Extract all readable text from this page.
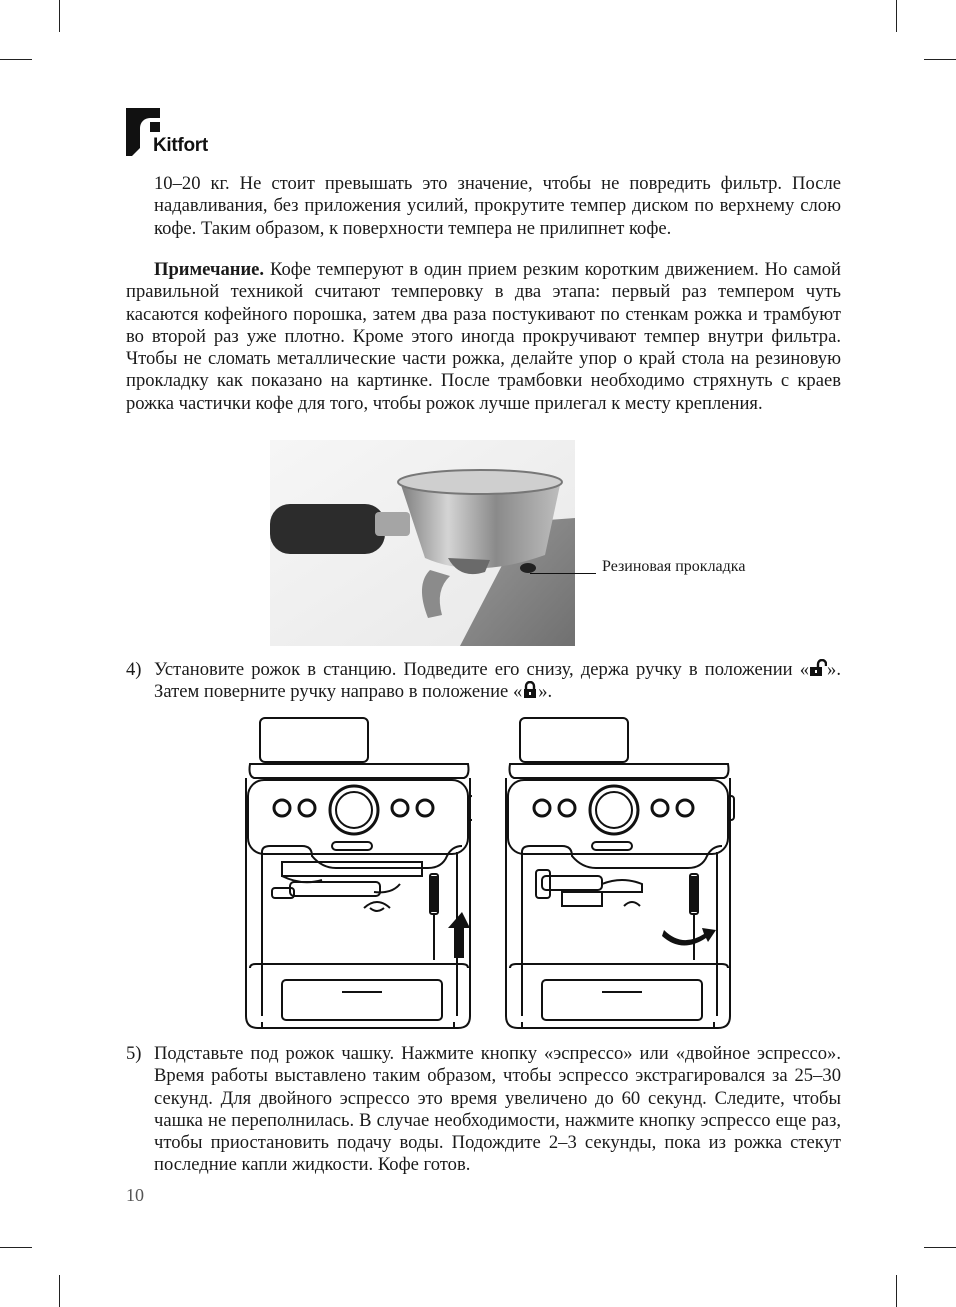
Kitfort

10–20 кг. Не стоит превышать это значение, чтобы не повредить фильтр. После надавливания, без приложения усилий, прокрутите темпер диском по верхнему слою кофе. Таким образом, к поверхности темпера не прилипнет кофе.

Примечание. Кофе темперуют в один прием резким коротким движением. Но самой правильной техникой считают темперовку в два этапа: первый раз темпером чуть касаются кофейного порошка, затем два раза постукивают по стенкам рожка и трамбуют во второй раз уже плотно. Кроме этого иногда прокручивают темпер внутри фильтра. Чтобы не сломать металлические части рожка, делайте упор о край стола на резиновую прокладку как показано на картинке. После трамбовки необходимо стряхнуть с краев рожка частички кофе для того, чтобы рожок лучше прилегал к месту крепления.

Резиновая прокладка
4) Установите рожок в станцию. Подведите его снизу, держа ручку в положении « ». Затем поверните ручку направо в положение « ».

5) Подставьте под рожок чашку. Нажмите кнопку «эспрессо» или «двойное эспрессо». Время работы выставлено таким образом, чтобы эспрессо экстрагировался за 25–30 секунд. Для двойного эспрессо это время увеличено до 60 секунд. Следите, чтобы чашка не переполнилась. В случае необходимости, нажмите кнопку эспрессо еще раз, чтобы приостановить подачу воды. Подождите 2–3 секунды, пока из рожка стекут последние капли жидкости. Кофе готов.

10
